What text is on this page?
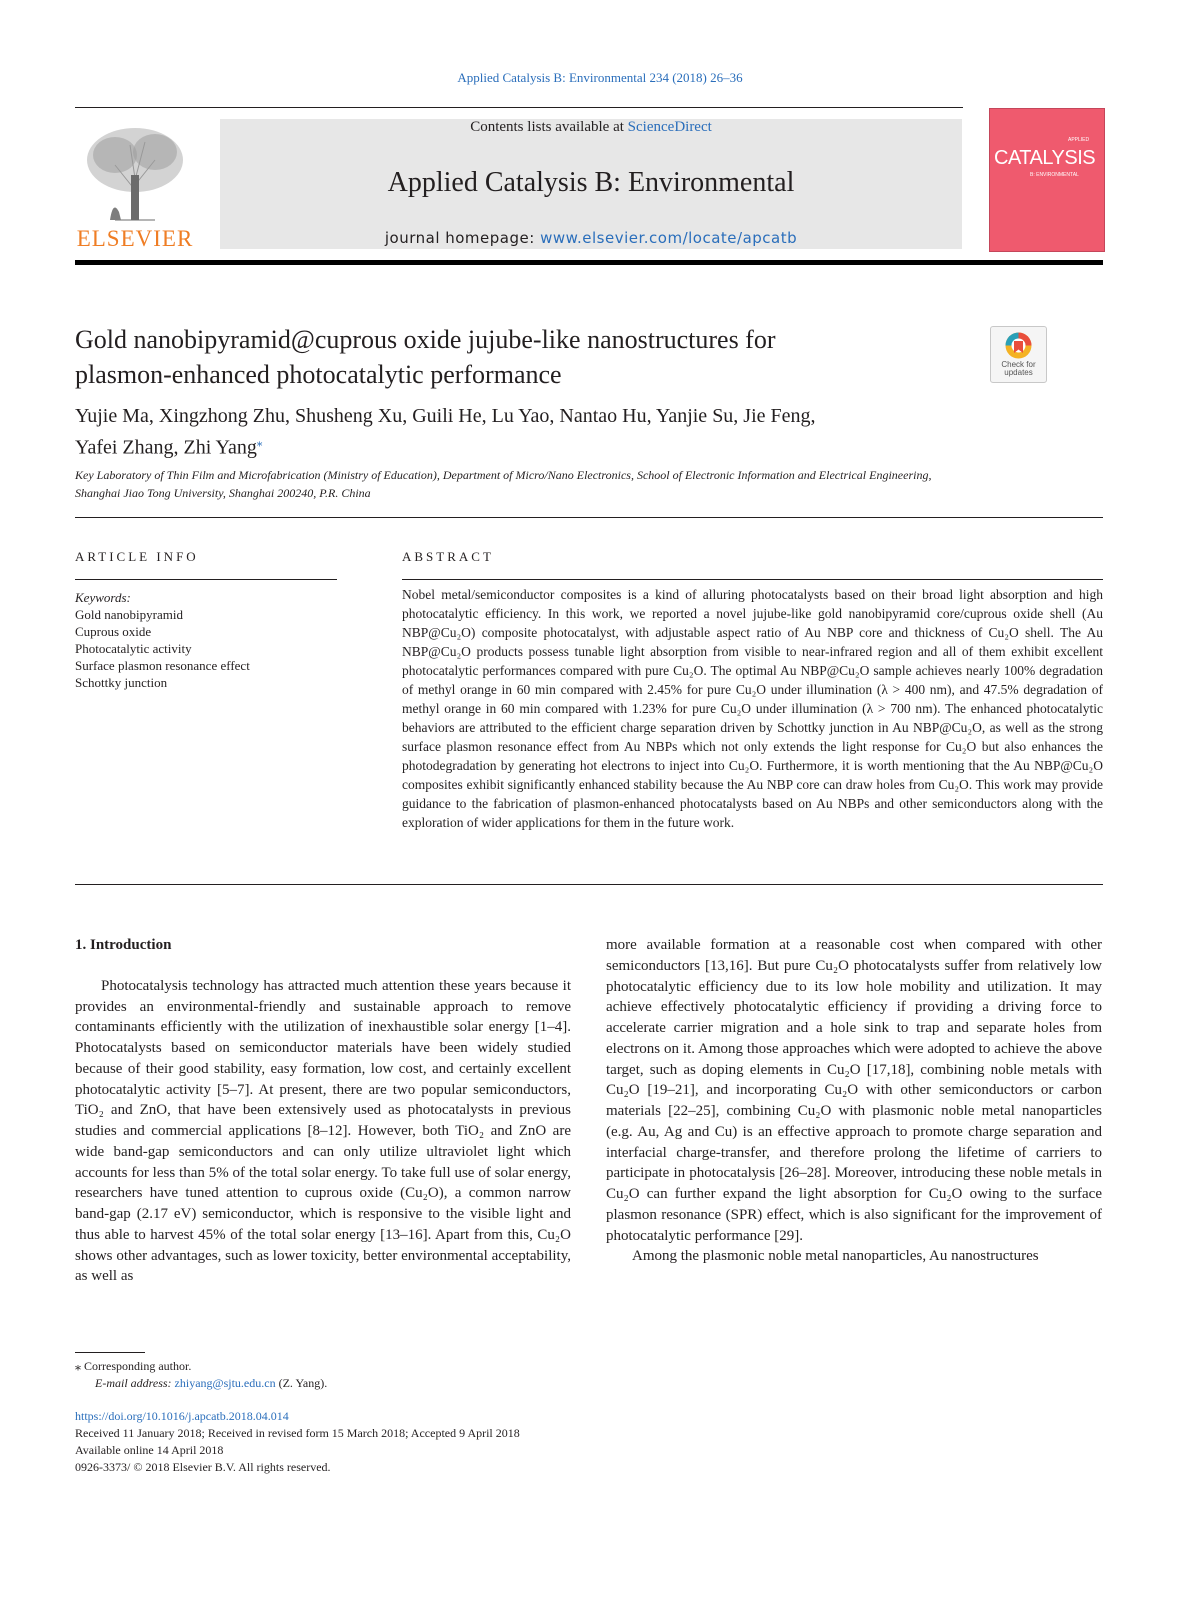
Applied Catalysis B: Environmental 234 (2018) 26–36
ELSEVIER
Contents lists available at ScienceDirect
Applied Catalysis B: Environmental
journal homepage: www.elsevier.com/locate/apcatb
APPLIED
CATALYSIS
B: ENVIRONMENTAL
Gold nanobipyramid@cuprous oxide jujube-like nanostructures for
plasmon-enhanced photocatalytic performance	Check for updates
Yujie Ma, Xingzhong Zhu, Shusheng Xu, Guili He, Lu Yao, Nantao Hu, Yanjie Su, Jie Feng,
Yafei Zhang, Zhi Yang⁎
Key Laboratory of Thin Film and Microfabrication (Ministry of Education), Department of Micro/Nano Electronics, School of Electronic Information and Electrical Engineering, Shanghai Jiao Tong University, Shanghai 200240, P.R. China
ARTICLE INFO	ABSTRACT
Keywords:
Gold nanobipyramid
Cuprous oxide
Photocatalytic activity
Surface plasmon resonance effect
Schottky junction
Nobel metal/semiconductor composites is a kind of alluring photocatalysts based on their broad light absorption and high photocatalytic efficiency. In this work, we reported a novel jujube-like gold nanobipyramid core/cuprous oxide shell (Au NBP@Cu₂O) composite photocatalyst, with adjustable aspect ratio of Au NBP core and thickness of Cu₂O shell. The Au NBP@Cu₂O products possess tunable light absorption from visible to near-infrared region and all of them exhibit excellent photocatalytic performances compared with pure Cu₂O. The optimal Au NBP@Cu₂O sample achieves nearly 100% degradation of methyl orange in 60 min compared with 2.45% for pure Cu₂O under illumination (λ > 400 nm), and 47.5% degradation of methyl orange in 60 min compared with 1.23% for pure Cu₂O under illumination (λ > 700 nm). The enhanced photocatalytic behaviors are attributed to the efficient charge separation driven by Schottky junction in Au NBP@Cu₂O, as well as the strong surface plasmon resonance effect from Au NBPs which not only extends the light response for Cu₂O but also enhances the photodegradation by generating hot electrons to inject into Cu₂O. Furthermore, it is worth mentioning that the Au NBP@Cu₂O composites exhibit significantly enhanced stability because the Au NBP core can draw holes from Cu₂O. This work may provide guidance to the fabrication of plasmon-enhanced photocatalysts based on Au NBPs and other semiconductors along with the exploration of wider applications for them in the future work.

1. Introduction

Photocatalysis technology has attracted much attention these years because it provides an environmental-friendly and sustainable approach to remove contaminants efficiently with the utilization of inexhaustible solar energy [1–4]. Photocatalysts based on semiconductor materials have been widely studied because of their good stability, easy formation, low cost, and certainly excellent photocatalytic activity [5–7]. At present, there are two popular semiconductors, TiO₂ and ZnO, that have been extensively used as photocatalysts in previous studies and commercial applications [8–12]. However, both TiO₂ and ZnO are wide band-gap semiconductors and can only utilize ultraviolet light which accounts for less than 5% of the total solar energy. To take full use of solar energy, researchers have tuned attention to cuprous oxide (Cu₂O), a common narrow band-gap (2.17 eV) semiconductor, which is responsive to the visible light and thus able to harvest 45% of the total solar energy [13–16]. Apart from this, Cu₂O shows other advantages, such as lower toxicity, better environmental acceptability, as well as

more available formation at a reasonable cost when compared with other semiconductors [13,16]. But pure Cu₂O photocatalysts suffer from relatively low photocatalytic efficiency due to its low hole mobility and utilization. It may achieve effectively photocatalytic efficiency if providing a driving force to accelerate carrier migration and a hole sink to trap and separate holes from electrons on it. Among those approaches which were adopted to achieve the above target, such as doping elements in Cu₂O [17,18], combining noble metals with Cu₂O [19–21], and incorporating Cu₂O with other semiconductors or carbon materials [22–25], combining Cu₂O with plasmonic noble metal nanoparticles (e.g. Au, Ag and Cu) is an effective approach to promote charge separation and interfacial charge-transfer, and therefore prolong the lifetime of carriers to participate in photocatalysis [26–28]. Moreover, introducing these noble metals in Cu₂O can further expand the light absorption for Cu₂O owing to the surface plasmon resonance (SPR) effect, which is also significant for the improvement of photocatalytic performance [29].

Among the plasmonic noble metal nanoparticles, Au nanostructures

⁎ Corresponding author.
E-mail address: zhiyang@sjtu.edu.cn (Z. Yang).
https://doi.org/10.1016/j.apcatb.2018.04.014
Received 11 January 2018; Received in revised form 15 March 2018; Accepted 9 April 2018
Available online 14 April 2018
0926-3373/ © 2018 Elsevier B.V. All rights reserved.
